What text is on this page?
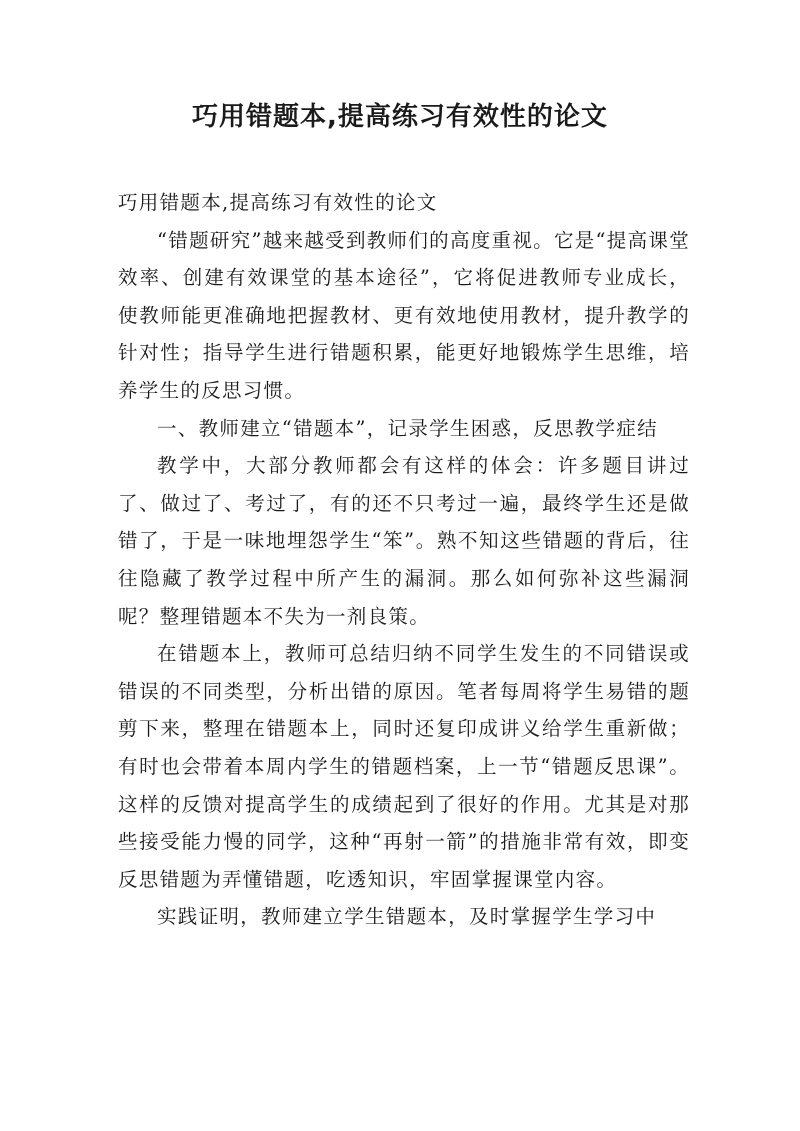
巧用错题本,提高练习有效性的论文

巧用错题本,提高练习有效性的论文

“错题研究”越来越受到教师们的高度重视。它是“提高课堂效率、创建有效课堂的基本途径”，它将促进教师专业成长，使教师能更准确地把握教材、更有效地使用教材，提升教学的针对性；指导学生进行错题积累，能更好地锻炼学生思维，培养学生的反思习惯。

一、教师建立“错题本”，记录学生困惑，反思教学症结

教学中，大部分教师都会有这样的体会：许多题目讲过了、做过了、考过了，有的还不只考过一遍，最终学生还是做错了，于是一味地埋怨学生“笨”。熟不知这些错题的背后，往往隐藏了教学过程中所产生的漏洞。那么如何弥补这些漏洞呢？整理错题本不失为一剂良策。

在错题本上，教师可总结归纳不同学生发生的不同错误或错误的不同类型，分析出错的原因。笔者每周将学生易错的题剪下来，整理在错题本上，同时还复印成讲义给学生重新做；有时也会带着本周内学生的错题档案，上一节“错题反思课”。这样的反馈对提高学生的成绩起到了很好的作用。尤其是对那些接受能力慢的同学，这种“再射一箭”的措施非常有效，即变反思错题为弄懂错题，吃透知识，牢固掌握课堂内容。

实践证明，教师建立学生错题本，及时掌握学生学习中
